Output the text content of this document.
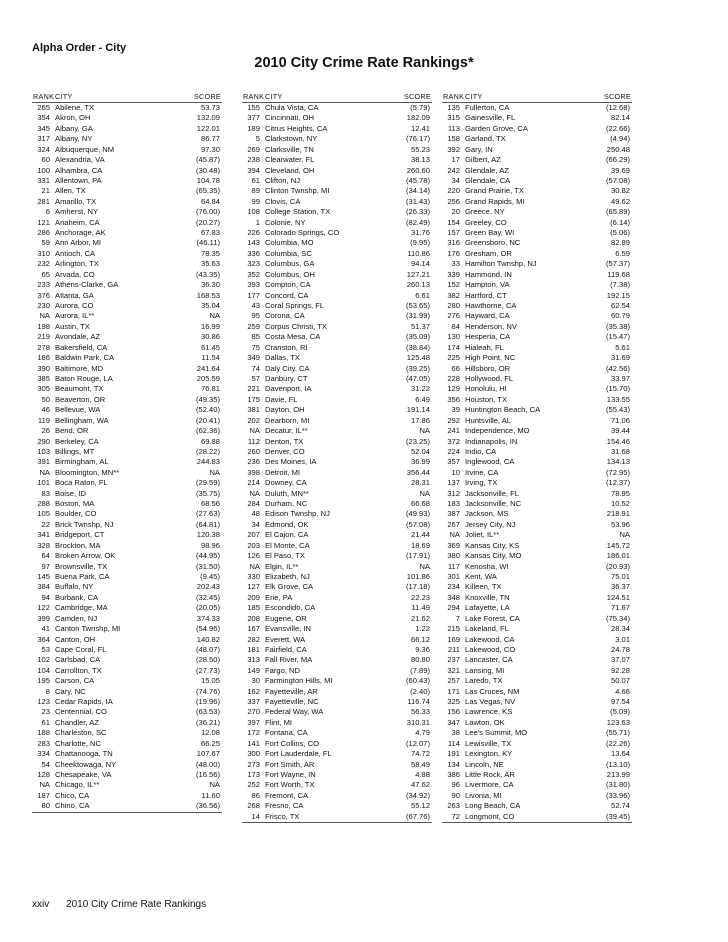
Alpha Order - City
2010 City Crime Rate Rankings*
RANK CITY	SCORE
265 Abilene, TX	53.73
354 Akron, OH	132.09
345 Albany, GA	122.01
317 Albany, NY	86.77
324 Albuquerque, NM	97.30
60 Alexandria, VA	(45.87)
100 Alhambra, CA	(30.48)
331 Allentown, PA	104.78
21 Allen, TX	(65.35)
281 Amarillo, TX	64.84
6 Amherst, NY	(76.00)
121 Anaheim, CA	(20.27)
286 Anchorage, AK	67.83
59 Ann Arbor, MI	(46.11)
310 Antioch, CA	78.35
232 Arlington, TX	35.63
65 Arvada, CO	(43.35)
233 Athens-Clarke, GA	36.30
376 Atlanta, GA	168.53
230 Aurora, CO	35.04
NA Aurora, IL**	NA
198 Austin, TX	16.99
219 Avondale, AZ	30.86
278 Bakersfield, CA	61.45
186 Baldwin Park, CA	11.54
390 Baltimore, MD	241.64
385 Baton Rouge, LA	205.59
305 Beaumont, TX	76.81
50 Beaverton, OR	(49.35)
46 Bellevue, WA	(52.40)
119 Bellingham, WA	(20.41)
26 Bend, OR	(62.36)
290 Berkeley, CA	69.88
103 Billings, MT	(28.22)
391 Birmingham, AL	244.83
NA Bloomington, MN**	NA
101 Boca Raton, FL	(29.59)
83 Boise, ID	(35.75)
288 Boston, MA	68.56
105 Boulder, CO	(27.63)
22 Brick Twnshp, NJ	(64.81)
341 Bridgeport, CT	120.38
328 Brockton, MA	98.96
64 Broken Arrow, OK	(44.95)
97 Brownsville, TX	(31.50)
145 Buena Park, CA	(9.45)
384 Buffalo, NY	202.43
94 Burbank, CA	(32.45)
122 Cambridge, MA	(20.05)
399 Camden, NJ	374.33
41 Canton Twnshp, MI	(54.96)
364 Canton, OH	140.82
53 Cape Coral, FL	(48.07)
102 Carlsbad, CA	(28.50)
104 Carrollton, TX	(27.73)
195 Carson, CA	15.05
8 Cary, NC	(74.76)
123 Cedar Rapids, IA	(19.96)
23 Centennial, CO	(63.53)
61 Chandler, AZ	(36.21)
188 Charleston, SC	12.08
283 Charlotte, NC	66.25
334 Chattanooga, TN	107.67
54 Cheektowaga, NY	(48.00)
128 Chesapeake, VA	(16.56)
NA Chicago, IL**	NA
187 Chico, CA	11.60
80 Chino, CA	(36.56)
RANK CITY	SCORE
155 Chula Vista, CA	(5.79)
377 Cincinnati, OH	182.09
189 Citrus Heights, CA	12.41
5 Clarkstown, NY	(76.17)
269 Clarksville, TN	55.23
238 Clearwater, FL	38.13
394 Cleveland, OH	260.60
61 Clifton, NJ	(45.78)
89 Clinton Twnshp, MI	(34.14)
99 Clovis, CA	(31.43)
108 College Station, TX	(26.33)
1 Colonie, NY	(82.49)
226 Colorado Springs, CO	31.76
143 Columbia, MO	(9.95)
336 Columbia, SC	110.86
323 Columbus, GA	94.14
352 Columbus, OH	127.21
393 Compton, CA	260.13
177 Concord, CA	6.61
43 Coral Springs, FL	(53.65)
95 Corona, CA	(31.99)
259 Corpus Christi, TX	51.37
85 Costa Mesa, CA	(35.09)
75 Cranston, RI	(38.84)
349 Dallas, TX	125.48
74 Daly City, CA	(39.25)
57 Danbury, CT	(47.05)
221 Davenport, IA	31.22
175 Davie, FL	6.49
381 Dayton, OH	191.14
202 Dearborn, MI	17.86
NA Decatur, IL**	NA
112 Denton, TX	(23.25)
260 Denver, CO	52.04
236 Des Moines, IA	36.99
398 Detroit, MI	356.44
214 Downey, CA	28.31
NA Duluth, MN**	NA
284 Durham, NC	66.68
48 Edison Twnshp, NJ	(49.93)
34 Edmond, OK	(57.08)
207 El Cajon, CA	21.44
203 El Monte, CA	18.69
126 El Paso, TX	(17.91)
NA Elgin, IL**	NA
330 Elizabeth, NJ	101.86
127 Elk Grove, CA	(17.18)
209 Erie, PA	22.23
185 Escondido, CA	11.49
208 Eugene, OR	21.62
167 Evansville, IN	1.22
282 Everett, WA	66.12
181 Fairfield, CA	9.36
313 Fall River, MA	80.80
149 Fargo, ND	(7.89)
30 Farmington Hills, MI	(60.43)
162 Fayetteville, AR	(2.40)
337 Fayetteville, NC	116.74
270 Federal Way, WA	56.33
397 Flint, MI	310.31
172 Fontana, CA	4.79
141 Fort Collins, CO	(12.07)
300 Fort Lauderdale, FL	74.72
273 Fort Smith, AR	58.49
173 Fort Wayne, IN	4.88
252 Fort Worth, TX	47.62
86 Fremont, CA	(34.92)
268 Fresno, CA	55.12
14 Frisco, TX	(67.76)
RANK CITY	SCORE
135 Fullerton, CA	(12.68)
315 Gainesville, FL	82.14
113 Garden Grove, CA	(22.66)
158 Garland, TX	(4.94)
392 Gary, IN	250.48
17 Gilbert, AZ	(66.29)
242 Glendale, AZ	39.69
34 Glendale, CA	(57.08)
220 Grand Prairie, TX	30.82
256 Grand Rapids, MI	49.62
20 Greece, NY	(65.89)
154 Greeley, CO	(6.14)
157 Green Bay, WI	(5.06)
316 Greensboro, NC	82.89
176 Gresham, OR	6.59
33 Hamilton Twnshp, NJ	(57.37)
339 Hammond, IN	119.68
152 Hampton, VA	(7.38)
382 Hartford, CT	192.15
280 Hawthorne, CA	62.54
276 Hayward, CA	60.79
84 Henderson, NV	(35.38)
130 Hesperia, CA	(15.47)
174 Hialeah, FL	5.61
225 High Point, NC	31.69
66 Hillsboro, OR	(42.56)
228 Hollywood, FL	33.97
129 Honolulu, HI	(15.70)
356 Houston, TX	133.55
39 Huntington Beach, CA	(55.43)
292 Huntsville, AL	71.06
241 Independence, MO	39.44
372 Indianapolis, IN	154.46
224 Indio, CA	31.68
357 Inglewood, CA	134.13
10 Irvine, CA	(72.95)
137 Irving, TX	(12.37)
312 Jacksonville, FL	78.95
183 Jacksonville, NC	10.52
387 Jackson, MS	218.91
267 Jersey City, NJ	53.96
NA Joliet, IL**	NA
369 Kansas City, KS	145.72
380 Kansas City, MO	186.01
117 Kenosha, WI	(20.93)
301 Kent, WA	75.01
234 Killeen, TX	36.37
348 Knoxville, TN	124.51
294 Lafayette, LA	71.67
7 Lake Forest, CA	(75.34)
215 Lakeland, FL	28.34
169 Lakewood, CA	3.01
211 Lakewood, CO	24.78
237 Lancaster, CA	37.07
321 Lansing, MI	92.28
257 Laredo, TX	50.07
171 Las Cruces, NM	4.66
325 Las Vegas, NV	97.54
156 Lawrence, KS	(5.09)
347 Lawton, OK	123.63
38 Lee's Summit, MO	(55.71)
114 Lewisville, TX	(22.26)
191 Lexington, KY	13.64
134 Lincoln, NE	(13.10)
386 Little Rock, AR	213.99
96 Livermore, CA	(31.80)
90 Livonia, MI	(33.96)
263 Long Beach, CA	52.74
72 Longmont, CO	(39.45)
xxiv 2010 City Crime Rate Rankings
